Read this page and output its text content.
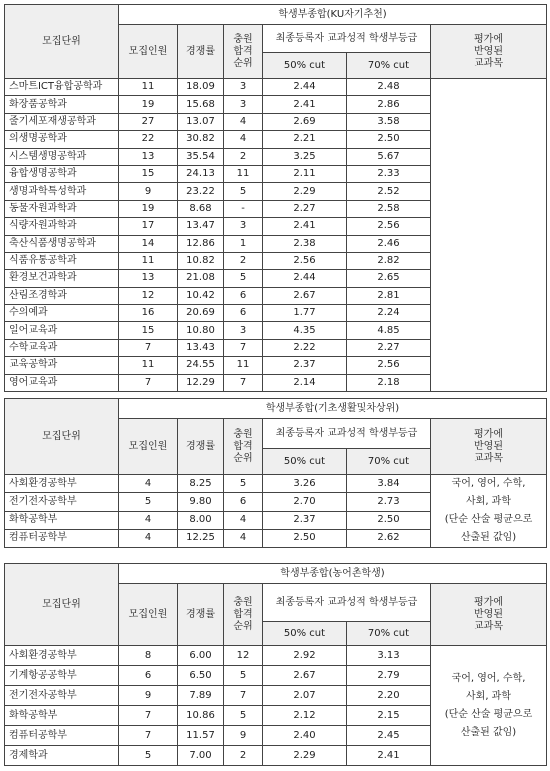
모집단위	학생부종합(KU자기추천)					
	모집인원	경쟁률	충원
합격
순위	최종등록자 교과성적 학생부등급		평가에
반영된
교과목
				50% cut	70% cut	
스마트ICT융합공학과	11	18.09	3	2.44	2.48	
화장품공학과	19	15.68	3	2.41	2.86	
줄기세포재생공학과	27	13.07	4	2.69	3.58	
의생명공학과	22	30.82	4	2.21	2.50	
시스템생명공학과	13	35.54	2	3.25	5.67	
융합생명공학과	15	24.13	11	2.11	2.33	
생명과학특성학과	9	23.22	5	2.29	2.52	
동물자원과학과	19	8.68	-	2.27	2.58	
식량자원과학과	17	13.47	3	2.41	2.56	
축산식품생명공학과	14	12.86	1	2.38	2.46	
식품유통공학과	11	10.82	2	2.56	2.82	
환경보건과학과	13	21.08	5	2.44	2.65	
산림조경학과	12	10.42	6	2.67	2.81	
수의예과	16	20.69	6	1.77	2.24	
일어교육과	15	10.80	3	4.35	4.85	
수학교육과	7	13.43	7	2.22	2.27	
교육공학과	11	24.55	11	2.37	2.56	
영어교육과	7	12.29	7	2.14	2.18	
모집단위	학생부종합(기초생활및차상위)					
	모집인원	경쟁률	충원
합격
순위	최종등록자 교과성적 학생부등급		평가에
반영된
교과목
				50% cut	70% cut	
사회환경공학부	4	8.25	5	3.26	3.84	국어, 영어, 수학,
사회, 과학
(단순 산술 평균으로
산출된 값임)

전기전자공학부	5	9.80	6	2.70	2.73	
화학공학부	4	8.00	4	2.37	2.50	
컴퓨터공학부	4	12.25	4	2.50	2.62	
모집단위	학생부종합(농어촌학생)					
	모집인원	경쟁률	충원
합격
순위	최종등록자 교과성적 학생부등급		평가에
반영된
교과목
				50% cut	70% cut	
사회환경공학부	8	6.00	12	2.92	3.13	국어, 영어, 수학,
사회, 과학
(단순 산술 평균으로
산출된 값임)

기계항공공학부	6	6.50	5	2.67	2.79	
전기전자공학부	9	7.89	7	2.07	2.20	
화학공학부	7	10.86	5	2.12	2.15	
컴퓨터공학부	7	11.57	9	2.40	2.45	
경제학과	5	7.00	2	2.29	2.41	
